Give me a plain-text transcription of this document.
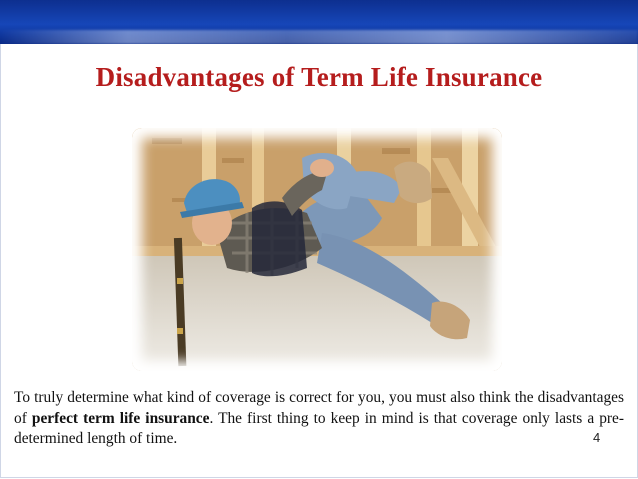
Disadvantages of Term Life Insurance
To truly determine what kind of coverage is correct for you, you must also think the disadvantages of perfect term life insurance. The first thing to keep in mind is that coverage only lasts a pre-determined length of time.	4
